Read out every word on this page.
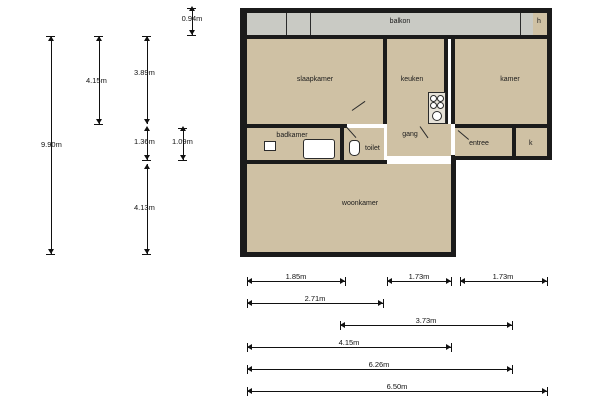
balkon	h
slaapkamer	keuken	kamer
gang
badkamer
toilet
entree	k
woonkamer
9.90m
4.15m
3.89m
1.36m 1.09m
4.13m
0.94m
1.85m	1.73m	1.73m
2.71m
3.73m
4.15m
6.26m
6.50m
